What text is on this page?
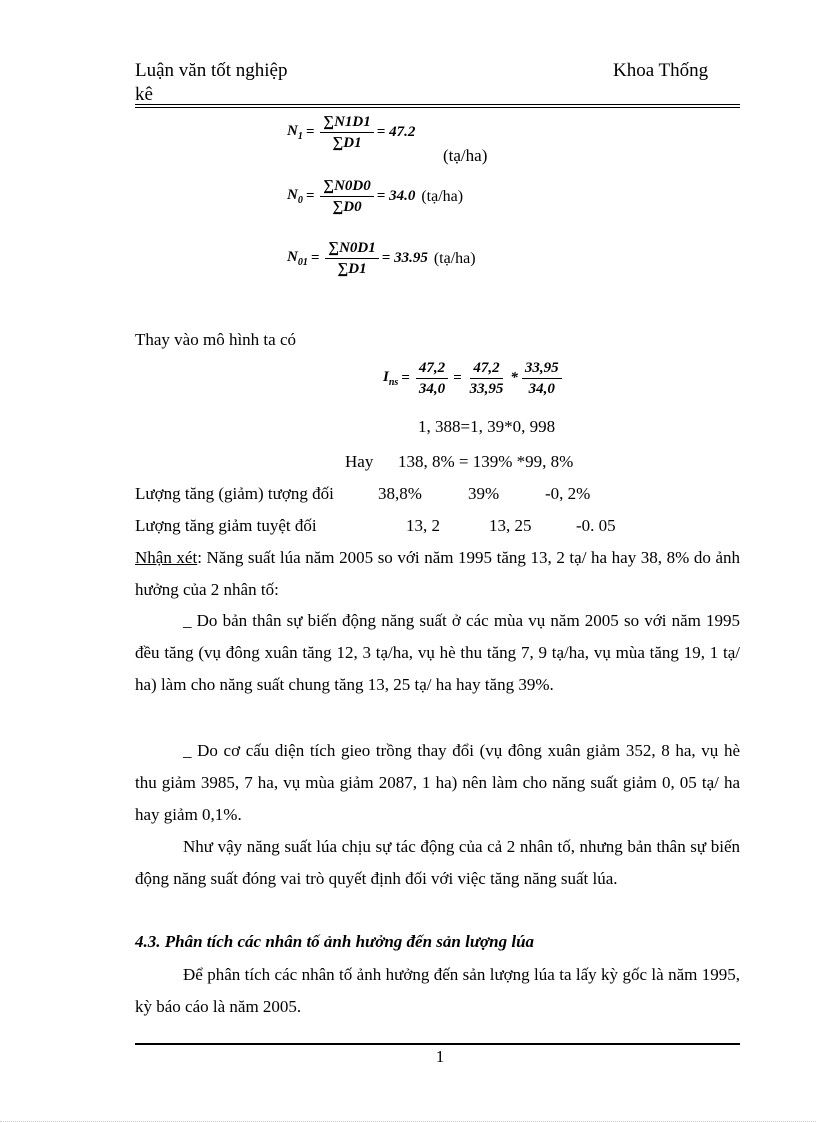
Luận văn tốt nghiệp
kê
Khoa Thống
$N_1 = \frac{\sum N1D1}{\sum D1} = 47.2$
(tạ/ha)
$N_0 = \frac{\sum N0D0}{\sum D0} = 34.0$ (tạ/ha)
$N_{01} = \frac{\sum N0D1}{\sum D1} = 33.95$ (tạ/ha)
Thay vào mô hình ta có
$I_{ns} = \frac{47,2}{34,0} = \frac{47,2}{33,95} * \frac{33,95}{34,0}$
1, 388=1, 39*0, 998
Hay 138, 8% = 139% *99, 8%
Lượng tăng (giảm) tượng đối	38,8%	39%	-0, 2%
Lượng tăng giảm tuyệt đối	13, 2	13, 25	-0. 05
Nhận xét: Năng suất lúa năm 2005 so với năm 1995 tăng 13, 2 tạ/ ha hay 38, 8% do ảnh hưởng của 2 nhân tố:
_ Do bản thân sự biến động năng suất ở các mùa vụ năm 2005 so với năm 1995 đều tăng (vụ đông xuân tăng 12, 3 tạ/ha, vụ hè thu tăng 7, 9 tạ/ha, vụ mùa tăng 19, 1 tạ/ ha) làm cho năng suất chung tăng 13, 25 tạ/ ha hay tăng 39%.
_ Do cơ cấu diện tích gieo trồng thay đổi (vụ đông xuân giảm 352, 8 ha, vụ hè thu giảm 3985, 7 ha, vụ mùa giảm 2087, 1 ha) nên làm cho năng suất giảm 0, 05 tạ/ ha hay giảm 0,1%.
Như vậy năng suất lúa chịu sự tác động của cả 2 nhân tố, nhưng bản thân sự biến động năng suất đóng vai trò quyết định đối với việc tăng năng suất lúa.
4.3. Phân tích các nhân tố ảnh hưởng đến sản lượng lúa
Để phân tích các nhân tố ảnh hưởng đến sản lượng lúa ta lấy kỳ gốc là năm 1995, kỳ báo cáo là năm 2005.
1
